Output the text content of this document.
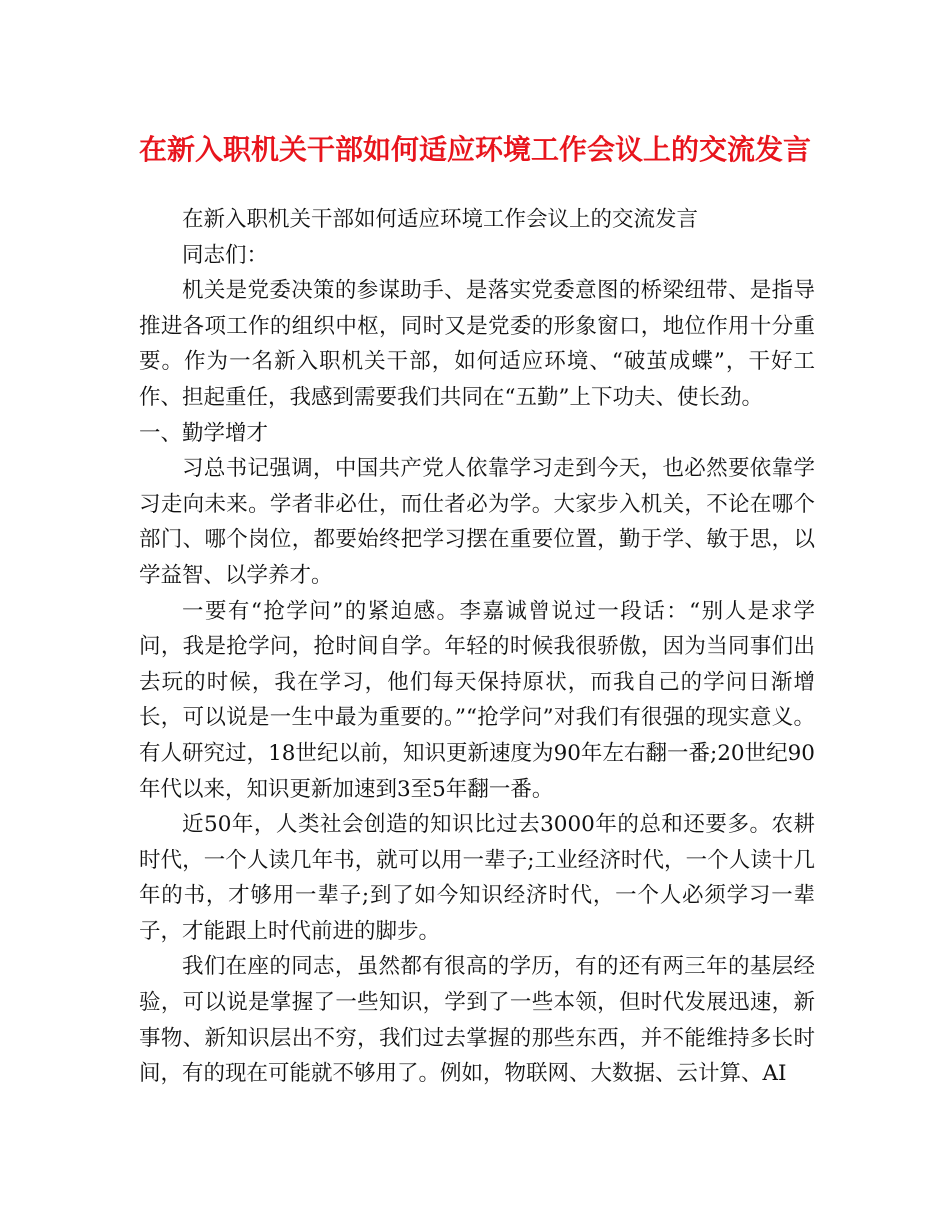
在新入职机关干部如何适应环境工作会议上的交流发言

在新入职机关干部如何适应环境工作会议上的交流发言

同志们：

机关是党委决策的参谋助手、是落实党委意图的桥梁纽带、是指导推进各项工作的组织中枢，同时又是党委的形象窗口，地位作用十分重要。作为一名新入职机关干部，如何适应环境、“破茧成蝶”，干好工作、担起重任，我感到需要我们共同在“五勤”上下功夫、使长劲。

一、勤学增才

习总书记强调，中国共产党人依靠学习走到今天，也必然要依靠学习走向未来。学者非必仕，而仕者必为学。大家步入机关，不论在哪个部门、哪个岗位，都要始终把学习摆在重要位置，勤于学、敏于思，以学益智、以学养才。

一要有“抢学问”的紧迫感。李嘉诚曾说过一段话：“别人是求学问，我是抢学问，抢时间自学。年轻的时候我很骄傲，因为当同事们出去玩的时候，我在学习，他们每天保持原状，而我自己的学问日渐增长，可以说是一生中最为重要的。”“抢学问”对我们有很强的现实意义。有人研究过，18世纪以前，知识更新速度为90年左右翻一番;20世纪90年代以来，知识更新加速到3至5年翻一番。

近50年，人类社会创造的知识比过去3000年的总和还要多。农耕时代，一个人读几年书，就可以用一辈子;工业经济时代，一个人读十几年的书，才够用一辈子;到了如今知识经济时代，一个人必须学习一辈子，才能跟上时代前进的脚步。

我们在座的同志，虽然都有很高的学历，有的还有两三年的基层经验，可以说是掌握了一些知识，学到了一些本领，但时代发展迅速，新事物、新知识层出不穷，我们过去掌握的那些东西，并不能维持多长时间，有的现在可能就不够用了。例如，物联网、大数据、云计算、AI
